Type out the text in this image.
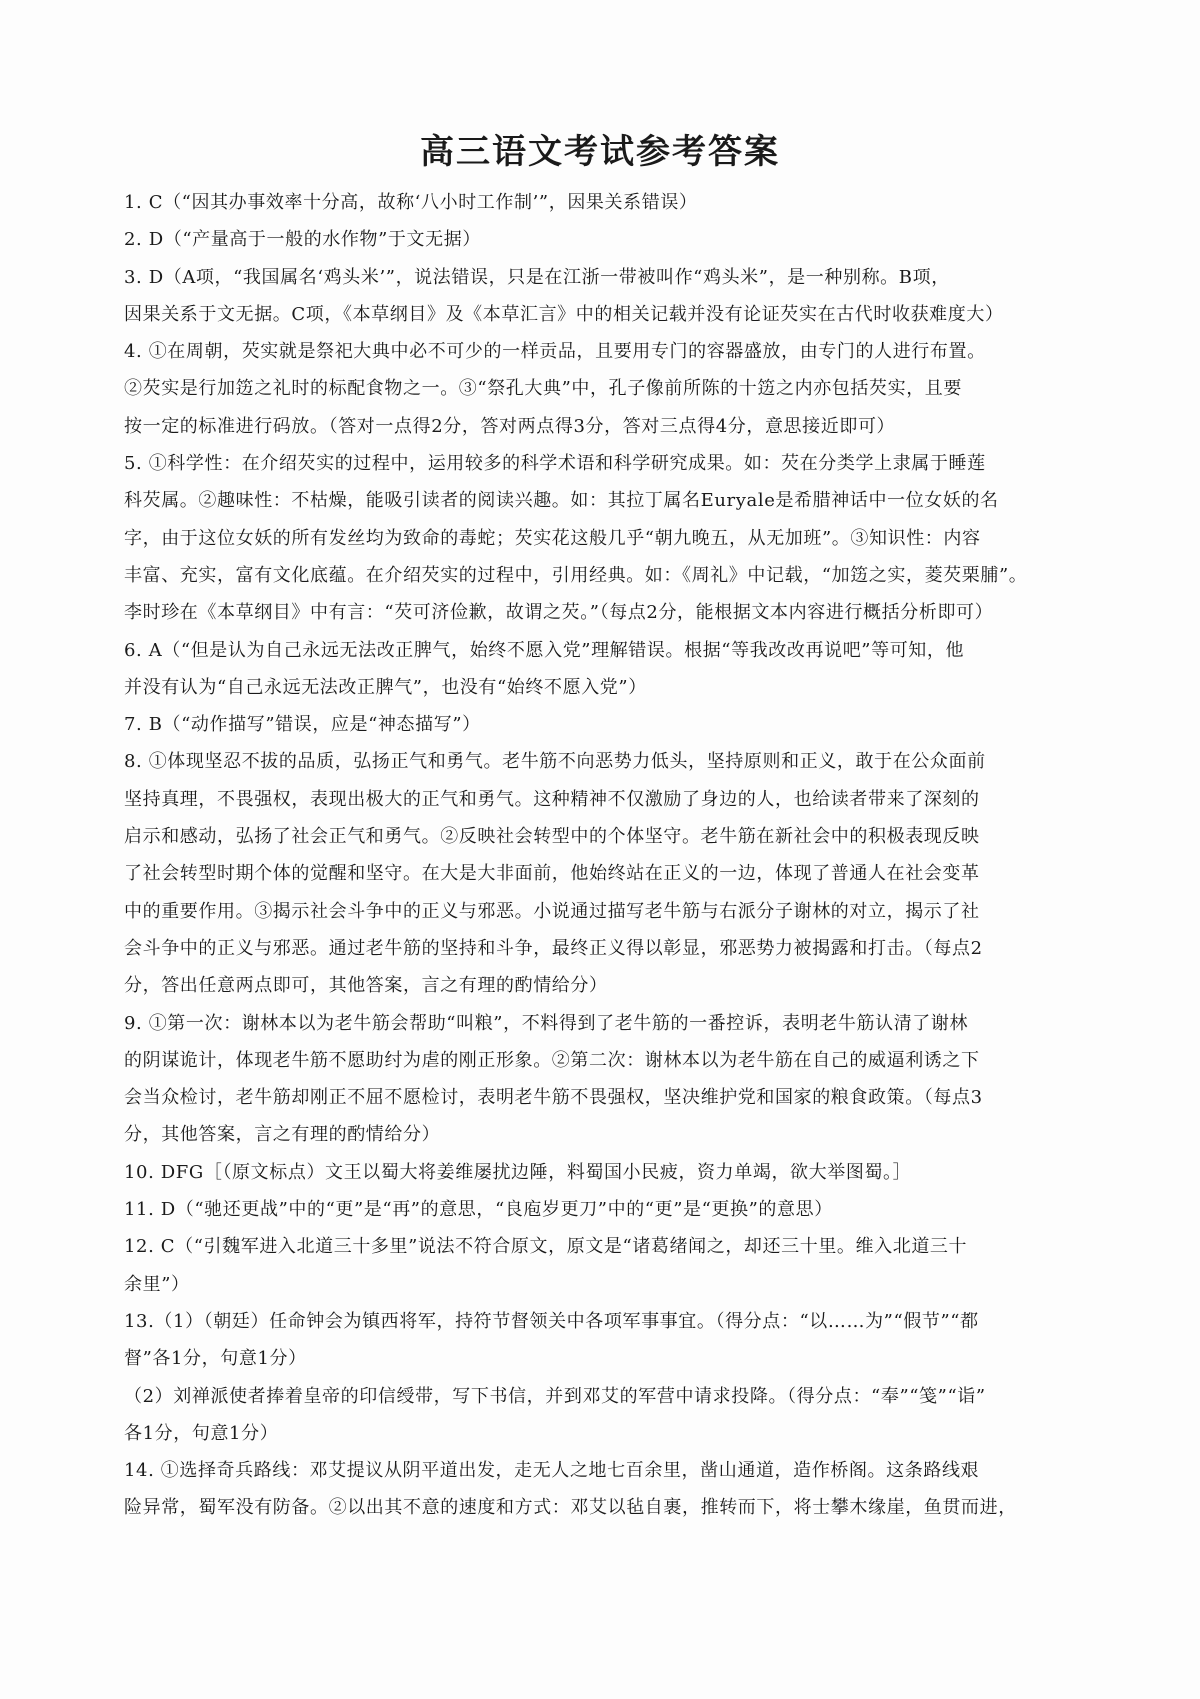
高三语文考试参考答案
1. C（“因其办事效率十分高，故称‘八小时工作制’”，因果关系错误）
2. D（“产量高于一般的水作物”于文无据）
3. D（A项，“我国属名‘鸡头米’”，说法错误，只是在江浙一带被叫作“鸡头米”，是一种别称。B项，
因果关系于文无据。C项，《本草纲目》及《本草汇言》中的相关记载并没有论证芡实在古代时收获难度大）
4. ①在周朝，芡实就是祭祀大典中必不可少的一样贡品，且要用专门的容器盛放，由专门的人进行布置。
②芡实是行加笾之礼时的标配食物之一。③“祭孔大典”中，孔子像前所陈的十笾之内亦包括芡实，且要
按一定的标准进行码放。（答对一点得2分，答对两点得3分，答对三点得4分，意思接近即可）
5. ①科学性：在介绍芡实的过程中，运用较多的科学术语和科学研究成果。如：芡在分类学上隶属于睡莲
科芡属。②趣味性：不枯燥，能吸引读者的阅读兴趣。如：其拉丁属名Euryale是希腊神话中一位女妖的名
字，由于这位女妖的所有发丝均为致命的毒蛇；芡实花这般几乎“朝九晚五，从无加班”。③知识性：内容
丰富、充实，富有文化底蕴。在介绍芡实的过程中，引用经典。如：《周礼》中记载，“加笾之实，菱芡栗脯”。
李时珍在《本草纲目》中有言：“芡可济俭歉，故谓之芡。”（每点2分，能根据文本内容进行概括分析即可）
6. A（“但是认为自己永远无法改正脾气，始终不愿入党”理解错误。根据“等我改改再说吧”等可知，他
并没有认为“自己永远无法改正脾气”，也没有“始终不愿入党”）
7. B（“动作描写”错误，应是“神态描写”）
8. ①体现坚忍不拔的品质，弘扬正气和勇气。老牛筋不向恶势力低头，坚持原则和正义，敢于在公众面前
坚持真理，不畏强权，表现出极大的正气和勇气。这种精神不仅激励了身边的人，也给读者带来了深刻的
启示和感动，弘扬了社会正气和勇气。②反映社会转型中的个体坚守。老牛筋在新社会中的积极表现反映
了社会转型时期个体的觉醒和坚守。在大是大非面前，他始终站在正义的一边，体现了普通人在社会变革
中的重要作用。③揭示社会斗争中的正义与邪恶。小说通过描写老牛筋与右派分子谢林的对立，揭示了社
会斗争中的正义与邪恶。通过老牛筋的坚持和斗争，最终正义得以彰显，邪恶势力被揭露和打击。（每点2
分，答出任意两点即可，其他答案，言之有理的酌情给分）
9. ①第一次：谢林本以为老牛筋会帮助“叫粮”，不料得到了老牛筋的一番控诉，表明老牛筋认清了谢林
的阴谋诡计，体现老牛筋不愿助纣为虐的刚正形象。②第二次：谢林本以为老牛筋在自己的威逼利诱之下
会当众检讨，老牛筋却刚正不屈不愿检讨，表明老牛筋不畏强权，坚决维护党和国家的粮食政策。（每点3
分，其他答案，言之有理的酌情给分）
10. DFG［（原文标点）文王以蜀大将姜维屡扰边陲，料蜀国小民疲，资力单竭，欲大举图蜀。］
11. D（“驰还更战”中的“更”是“再”的意思，“良庖岁更刀”中的“更”是“更换”的意思）
12. C（“引魏军进入北道三十多里”说法不符合原文，原文是“诸葛绪闻之，却还三十里。维入北道三十
余里”）
13.（1）（朝廷）任命钟会为镇西将军，持符节督领关中各项军事事宜。（得分点：“以……为”“假节”“都
督”各1分，句意1分）
（2）刘禅派使者捧着皇帝的印信绶带，写下书信，并到邓艾的军营中请求投降。（得分点：“奉”“笺”“诣”
各1分，句意1分）
14. ①选择奇兵路线：邓艾提议从阴平道出发，走无人之地七百余里，凿山通道，造作桥阁。这条路线艰
险异常，蜀军没有防备。②以出其不意的速度和方式：邓艾以毡自裹，推转而下，将士攀木缘崖，鱼贯而进，
